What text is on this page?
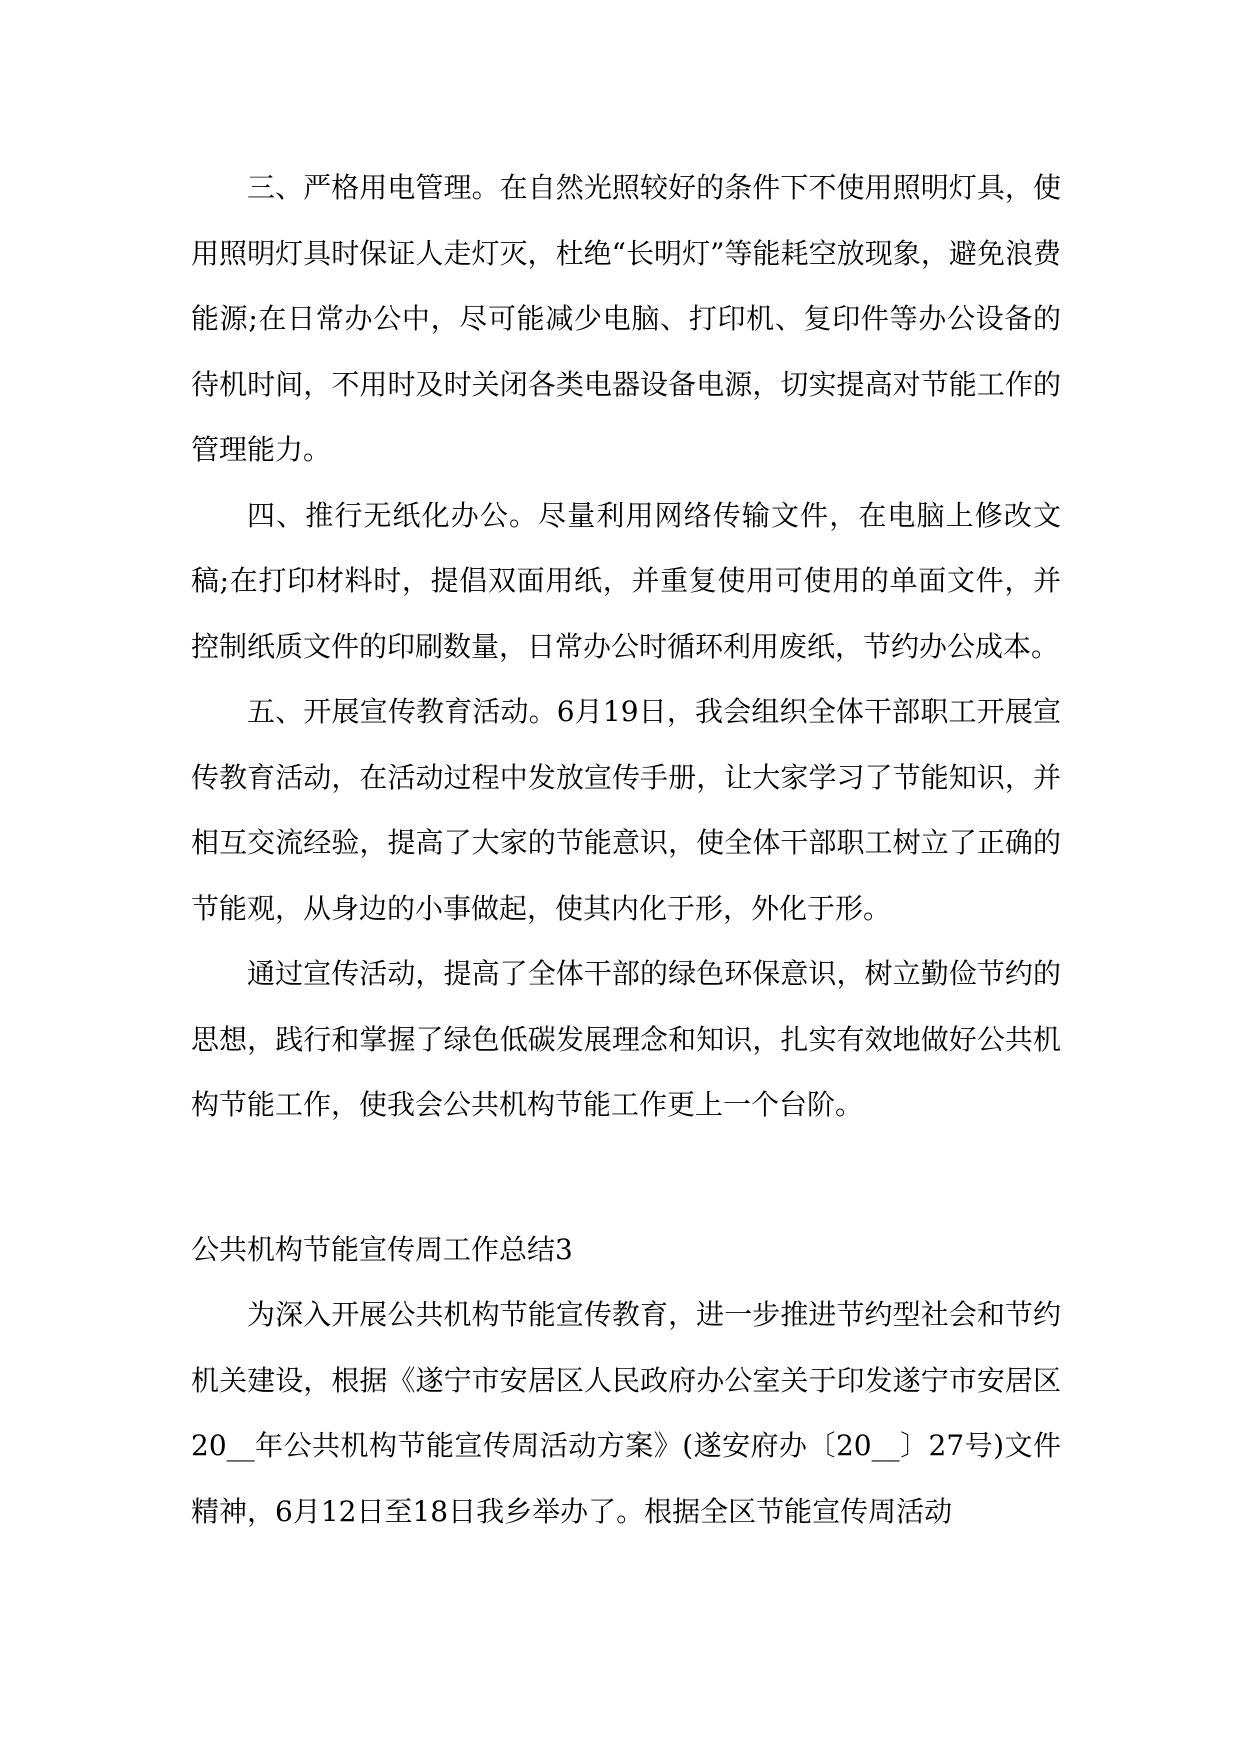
三、严格用电管理。在自然光照较好的条件下不使用照明灯具，使用照明灯具时保证人走灯灭，杜绝“长明灯”等能耗空放现象，避免浪费能源;在日常办公中，尽可能减少电脑、打印机、复印件等办公设备的待机时间，不用时及时关闭各类电器设备电源，切实提高对节能工作的管理能力。

四、推行无纸化办公。尽量利用网络传输文件，在电脑上修改文稿;在打印材料时，提倡双面用纸，并重复使用可使用的单面文件，并控制纸质文件的印刷数量，日常办公时循环利用废纸，节约办公成本。

五、开展宣传教育活动。6月19日，我会组织全体干部职工开展宣传教育活动，在活动过程中发放宣传手册，让大家学习了节能知识，并相互交流经验，提高了大家的节能意识，使全体干部职工树立了正确的节能观，从身边的小事做起，使其内化于形，外化于形。

通过宣传活动，提高了全体干部的绿色环保意识，树立勤俭节约的思想，践行和掌握了绿色低碳发展理念和知识，扎实有效地做好公共机构节能工作，使我会公共机构节能工作更上一个台阶。

公共机构节能宣传周工作总结3

为深入开展公共机构节能宣传教育，进一步推进节约型社会和节约机关建设，根据《遂宁市安居区人民政府办公室关于印发遂宁市安居区20__年公共机构节能宣传周活动方案》(遂安府办〔20__〕27号)文件精神，6月12日至18日我乡举办了。根据全区节能宣传周活动
